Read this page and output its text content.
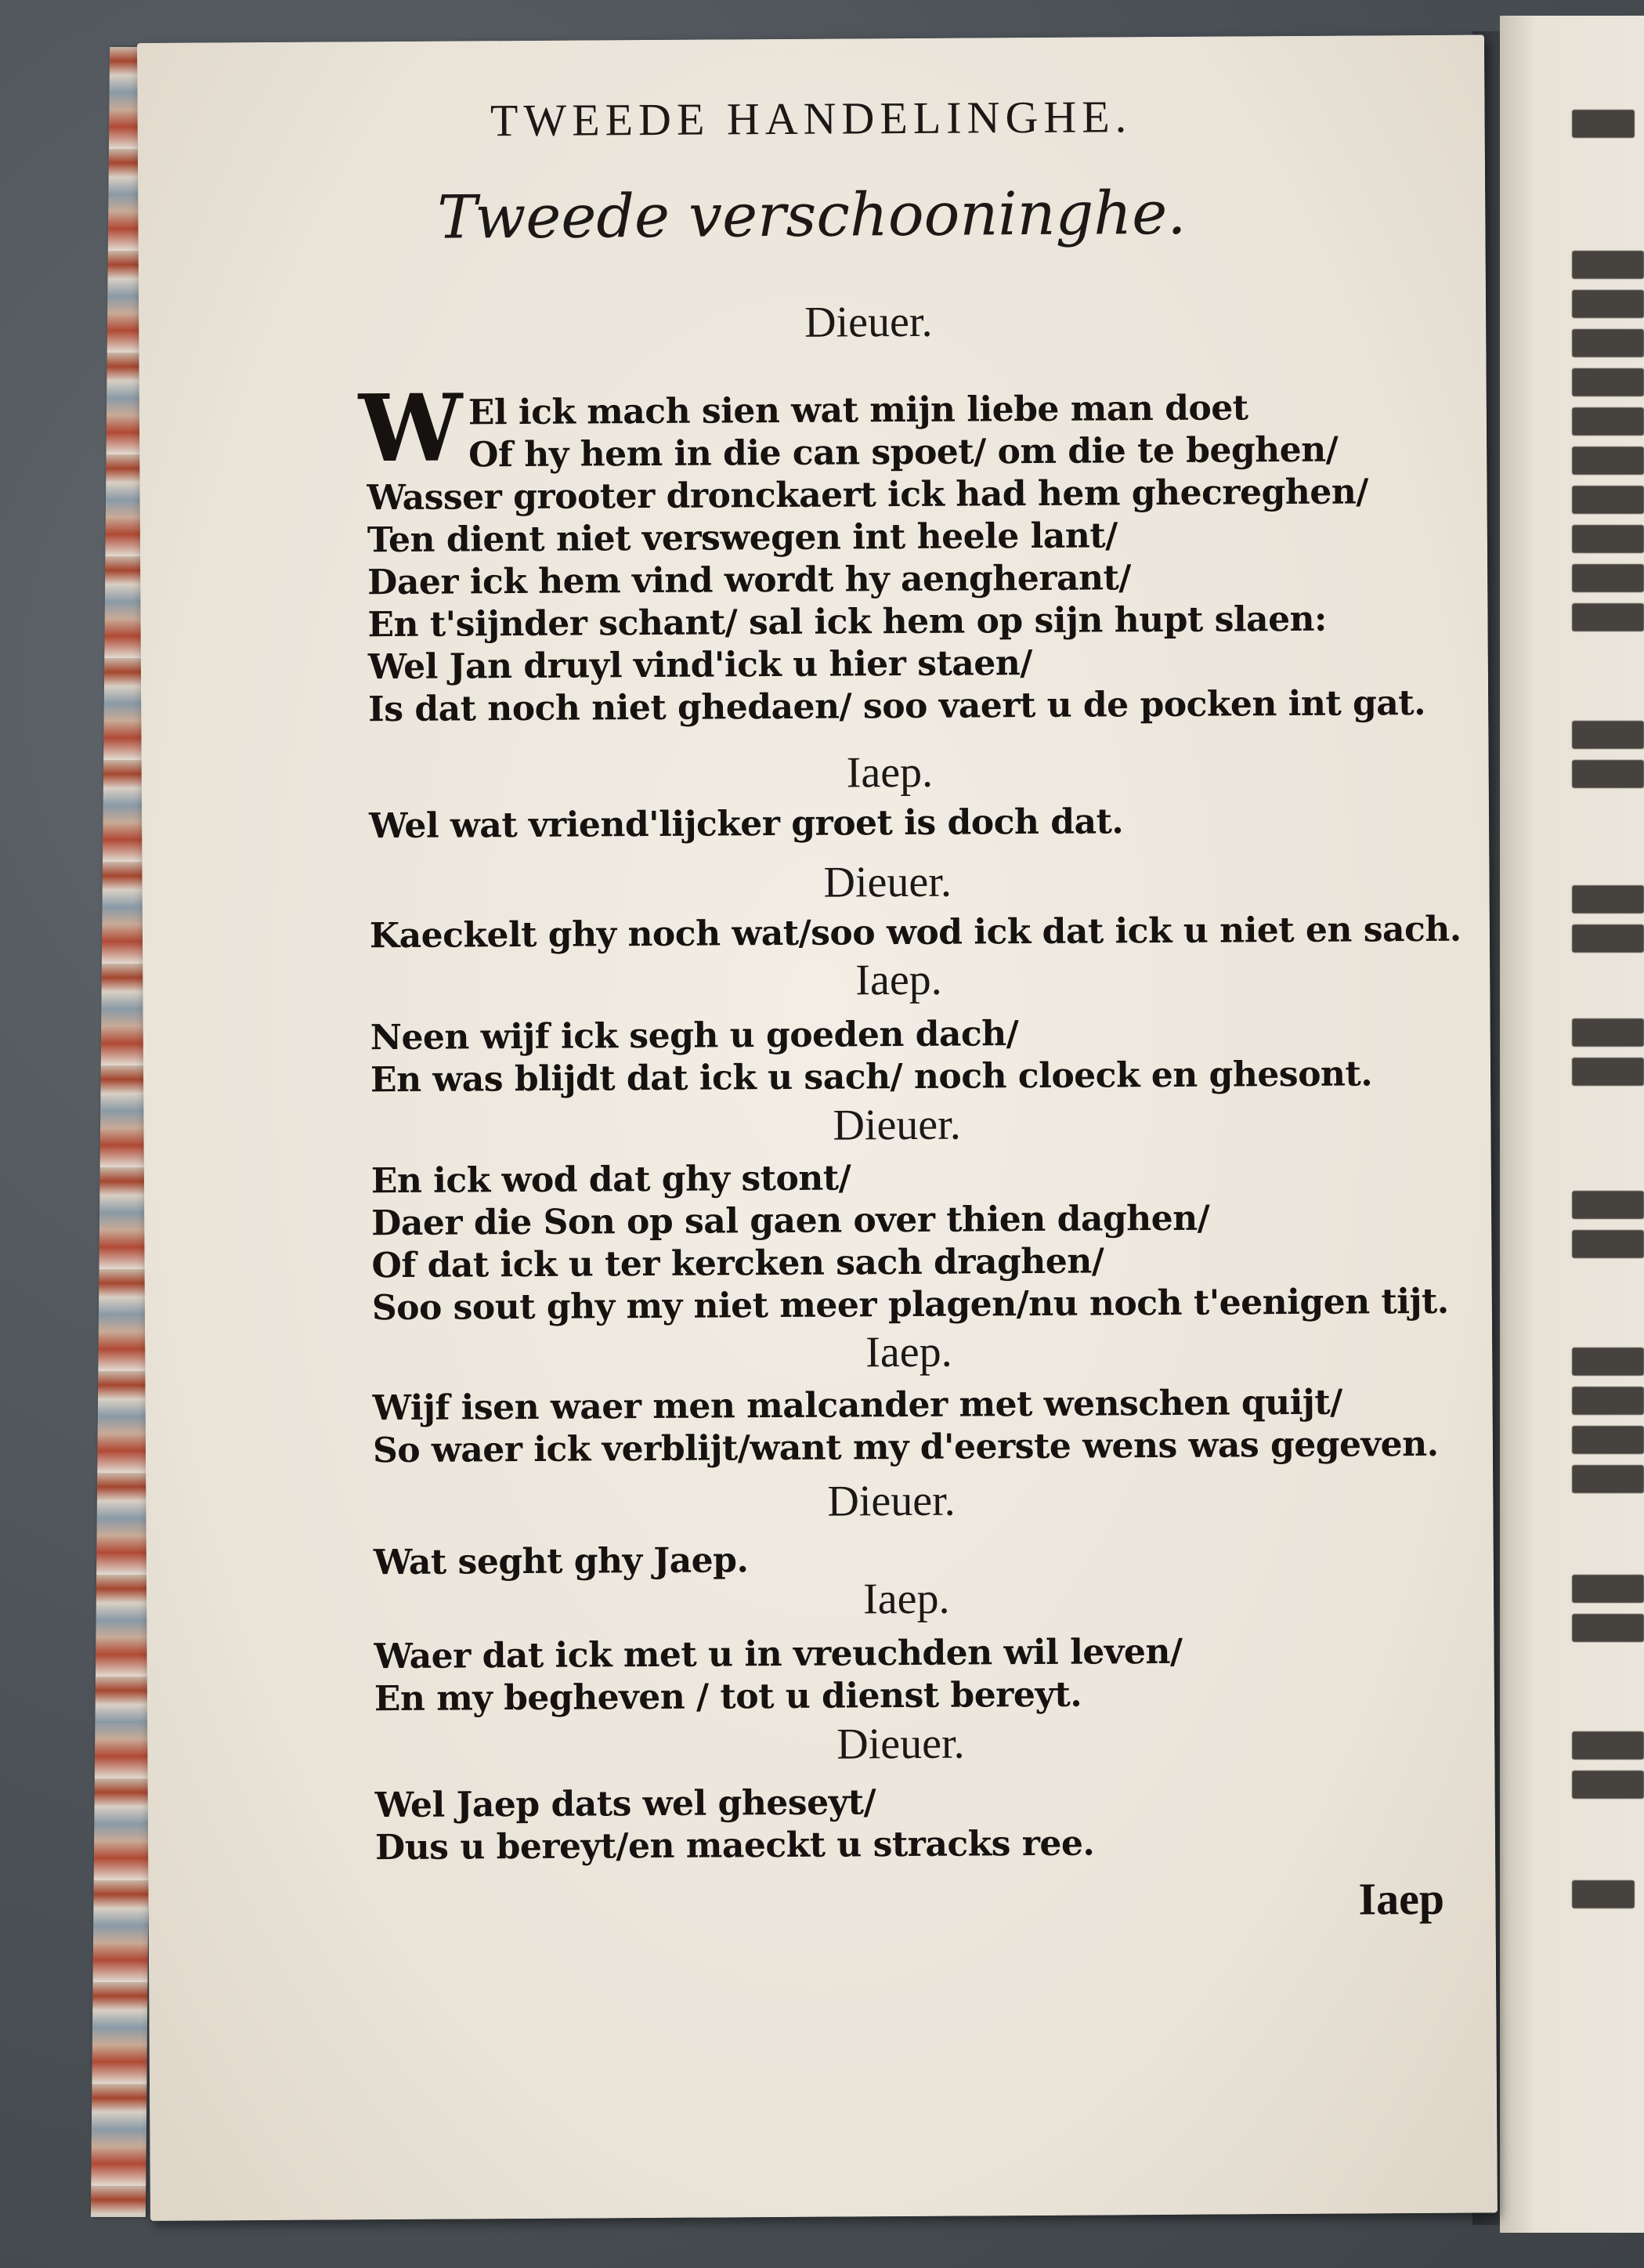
TWEEDE HANDELINGHE.
Tweede verschooninghe.
Dieuer.
W El ick mach sien wat mijn liebe man doet
Of hy hem in die can spoet/ om die te beghen/
Wasser grooter dronckaert ick had hem ghecreghen/
Ten dient niet verswegen int heele lant/
Daer ick hem vind wordt hy aengherant/
En t'sijnder schant/ sal ick hem op sijn hupt slaen:
Wel Jan druyl vind'ick u hier staen/
Is dat noch niet ghedaen/ soo vaert u de pocken int gat.
Iaep.
Wel wat vriend'lijcker groet is doch dat.
Dieuer.
Kaeckelt ghy noch wat/soo wod ick dat ick u niet en sach.
Iaep.
Neen wijf ick segh u goeden dach/
En was blijdt dat ick u sach/ noch cloeck en ghesont.
Dieuer.
En ick wod dat ghy stont/
Daer die Son op sal gaen over thien daghen/
Of dat ick u ter kercken sach draghen/
Soo sout ghy my niet meer plagen/nu noch t'eenigen tijt.
Iaep.
Wijf isen waer men malcander met wenschen quijt/
So waer ick verblijt/want my d'eerste wens was gegeven.
Dieuer.
Wat seght ghy Jaep.
Iaep.
Waer dat ick met u in vreuchden wil leven/
En my begheven / tot u dienst bereyt.
Dieuer.
Wel Jaep dats wel gheseyt/
Dus u bereyt/en maeckt u stracks ree.
Iaep
